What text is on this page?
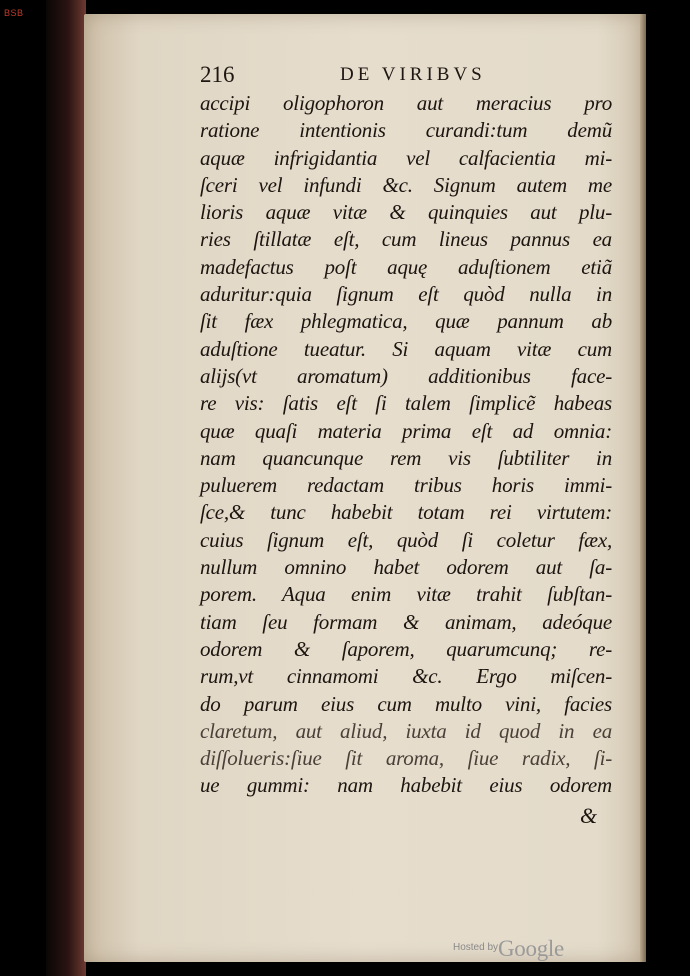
BSB
216	DE VIRIBVS
accipi oligophoron aut meracius pro
ratione intentionis curandi:tum demũ
aquæ infrigidantia vel calfacientia mi-
ſceri vel infundi &c. Signum autem me
lioris aquæ vitæ & quinquies aut plu-
ries ſtillatæ eſt, cum lineus pannus ea
madefactus poſt aquę aduſtionem etiã
aduritur:quia ſignum eſt quòd nulla in
ſit fæx phlegmatica, quæ pannum ab
aduſtione tueatur. Si aquam vitæ cum
alijs(vt aromatum) additionibus face-
re vis: ſatis eſt ſi talem ſimplicẽ habeas
quæ quaſi materia prima eſt ad omnia:
nam quancunque rem vis ſubtiliter in
puluerem redactam tribus horis immi-
ſce,& tunc habebit totam rei virtutem:
cuius ſignum eſt, quòd ſi coletur fæx,
nullum omnino habet odorem aut ſa-
porem. Aqua enim vitæ trahit ſubſtan-
tiam ſeu formam & animam, adeóque
odorem & ſaporem, quarumcunq; re-
rum,vt cinnamomi &c. Ergo miſcen-
do parum eius cum multo vini, facies
claretum, aut aliud, iuxta id quod in ea
diſſolueris:ſiue ſit aroma, ſiue radix, ſi-
ue gummi: nam habebit eius odorem
&
Hosted by Google
